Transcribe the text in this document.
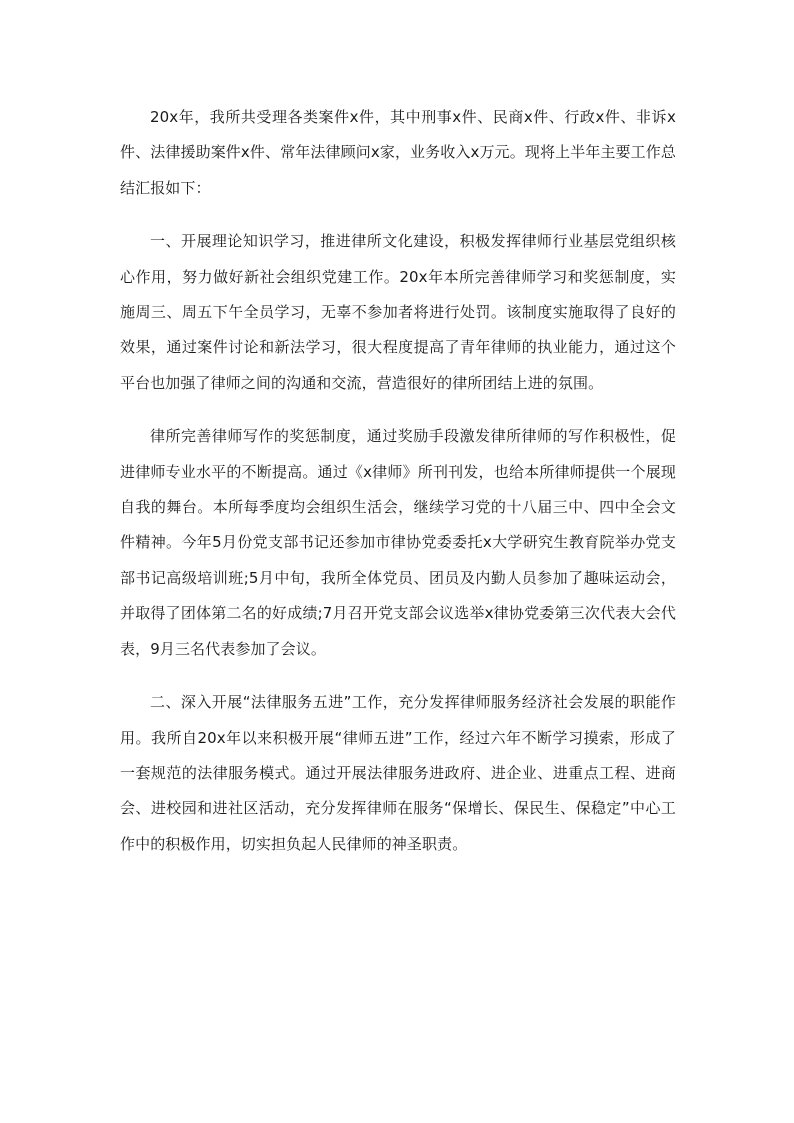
20x年，我所共受理各类案件x件，其中刑事x件、民商x件、行政x件、非诉x件、法律援助案件x件、常年法律顾问x家，业务收入x万元。现将上半年主要工作总结汇报如下：

一、开展理论知识学习，推进律所文化建设，积极发挥律师行业基层党组织核心作用，努力做好新社会组织党建工作。20x年本所完善律师学习和奖惩制度，实施周三、周五下午全员学习，无辜不参加者将进行处罚。该制度实施取得了良好的效果，通过案件讨论和新法学习，很大程度提高了青年律师的执业能力，通过这个平台也加强了律师之间的沟通和交流，营造很好的律所团结上进的氛围。

律所完善律师写作的奖惩制度，通过奖励手段激发律所律师的写作积极性，促进律师专业水平的不断提高。通过《x律师》所刊刊发，也给本所律师提供一个展现自我的舞台。本所每季度均会组织生活会，继续学习党的十八届三中、四中全会文件精神。今年5月份党支部书记还参加市律协党委委托x大学研究生教育院举办党支部书记高级培训班;5月中旬，我所全体党员、团员及内勤人员参加了趣味运动会，并取得了团体第二名的好成绩;7月召开党支部会议选举x律协党委第三次代表大会代表，9月三名代表参加了会议。

二、深入开展“法律服务五进”工作，充分发挥律师服务经济社会发展的职能作用。我所自20x年以来积极开展“律师五进”工作，经过六年不断学习摸索，形成了一套规范的法律服务模式。通过开展法律服务进政府、进企业、进重点工程、进商会、进校园和进社区活动，充分发挥律师在服务“保增长、保民生、保稳定”中心工作中的积极作用，切实担负起人民律师的神圣职责。
